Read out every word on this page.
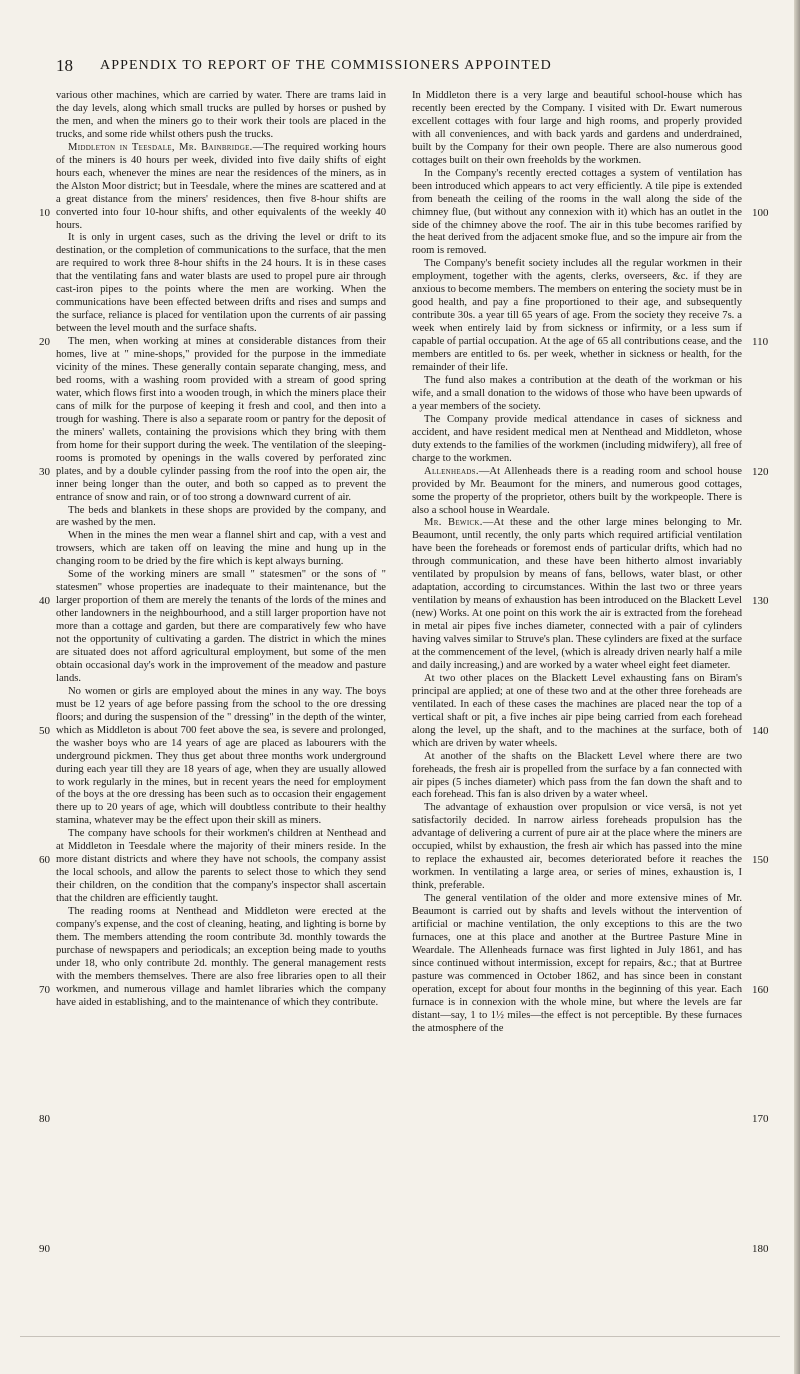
18 APPENDIX TO REPORT OF THE COMMISSIONERS APPOINTED

various other machines, which are carried by water. There are trams laid in the day levels, along which small trucks are pulled by horses or pushed by the men, and when the miners go to their work their tools are placed in the trucks, and some ride whilst others push the trucks.

Middleton in Teesdale, Mr. Bainbridge.—The required working hours of the miners is 40 hours per week, divided into five daily shifts of eight hours each, whenever the mines are near the residences of the miners, as in the Alston Moor district; but in Teesdale, where the mines are scattered and at a great distance from the miners' residences, then five 8-hour shifts are converted into four 10-hour shifts, and other equivalents of the weekly 40 hours.

It is only in urgent cases, such as the driving the level or drift to its destination, or the completion of communications to the surface, that the men are required to work three 8-hour shifts in the 24 hours. It is in these cases that the ventilating fans and water blasts are used to propel pure air through cast-iron pipes to the points where the men are working. When the communications have been effected between drifts and rises and sumps and the surface, reliance is placed for ventilation upon the currents of air passing between the level mouth and the surface shafts.

The men, when working at mines at considerable distances from their homes, live at " mine-shops," provided for the purpose in the immediate vicinity of the mines. These generally contain separate changing, mess, and bed rooms, with a washing room provided with a stream of good spring water, which flows first into a wooden trough, in which the miners place their cans of milk for the purpose of keeping it fresh and cool, and then into a trough for washing. There is also a separate room or pantry for the deposit of the miners' wallets, containing the provisions which they bring with them from home for their support during the week. The ventilation of the sleeping-rooms is promoted by openings in the walls covered by perforated zinc plates, and by a double cylinder passing from the roof into the open air, the inner being longer than the outer, and both so capped as to prevent the entrance of snow and rain, or of too strong a downward current of air.

The beds and blankets in these shops are provided by the company, and are washed by the men.

When in the mines the men wear a flannel shirt and cap, with a vest and trowsers, which are taken off on leaving the mine and hung up in the changing room to be dried by the fire which is kept always burning.

Some of the working miners are small " statesmen" or the sons of " statesmen" whose properties are inadequate to their maintenance, but the larger proportion of them are merely the tenants of the lords of the mines and other landowners in the neighbourhood, and a still larger proportion have not more than a cottage and garden, but there are comparatively few who have not the opportunity of cultivating a garden. The district in which the mines are situated does not afford agricultural employment, but some of the men obtain occasional day's work in the improvement of the meadow and pasture lands.

No women or girls are employed about the mines in any way. The boys must be 12 years of age before passing from the school to the ore dressing floors; and during the suspension of the " dressing" in the depth of the winter, which as Middleton is about 700 feet above the sea, is severe and prolonged, the washer boys who are 14 years of age are placed as labourers with the underground pickmen. They thus get about three months work underground during each year till they are 18 years of age, when they are usually allowed to work regularly in the mines, but in recent years the need for employment of the boys at the ore dressing has been such as to occasion their engagement there up to 20 years of age, which will doubtless contribute to their healthy stamina, whatever may be the effect upon their skill as miners.

The company have schools for their workmen's children at Nenthead and at Middleton in Teesdale where the majority of their miners reside. In the more distant districts and where they have not schools, the company assist the local schools, and allow the parents to select those to which they send their children, on the condition that the company's inspector shall ascertain that the children are efficiently taught.

The reading rooms at Nenthead and Middleton were erected at the company's expense, and the cost of cleaning, heating, and lighting is borne by them. The members attending the room contribute 3d. monthly towards the purchase of newspapers and periodicals; an exception being made to youths under 18, who only contribute 2d. monthly. The general management rests with the members themselves. There are also free libraries open to all their workmen, and numerous village and hamlet libraries which the company have aided in establishing, and to the maintenance of which they contribute.

In Middleton there is a very large and beautiful school-house which has recently been erected by the Company. I visited with Dr. Ewart numerous excellent cottages with four large and high rooms, and properly provided with all conveniences, and with back yards and gardens and underdrained, built by the Company for their own people. There are also numerous good cottages built on their own freeholds by the workmen.

In the Company's recently erected cottages a system of ventilation has been introduced which appears to act very efficiently. A tile pipe is extended from beneath the ceiling of the rooms in the wall along the side of the chimney flue, (but without any connexion with it) which has an outlet in the side of the chimney above the roof. The air in this tube becomes rarified by the heat derived from the adjacent smoke flue, and so the impure air from the room is removed.

The Company's benefit society includes all the regular workmen in their employment, together with the agents, clerks, overseers, &c. if they are anxious to become members. The members on entering the society must be in good health, and pay a fine proportioned to their age, and subsequently contribute 30s. a year till 65 years of age. From the society they receive 7s. a week when entirely laid by from sickness or infirmity, or a less sum if capable of partial occupation. At the age of 65 all contributions cease, and the members are entitled to 6s. per week, whether in sickness or health, for the remainder of their life.

The fund also makes a contribution at the death of the workman or his wife, and a small donation to the widows of those who have been upwards of a year members of the society.

The Company provide medical attendance in cases of sickness and accident, and have resident medical men at Nenthead and Middleton, whose duty extends to the families of the workmen (including midwifery), all free of charge to the workmen.

Allenheads.—At Allenheads there is a reading room and school house provided by Mr. Beaumont for the miners, and numerous good cottages, some the property of the proprietor, others built by the workpeople. There is also a school house in Weardale.

Mr. Bewick.—At these and the other large mines belonging to Mr. Beaumont, until recently, the only parts which required artificial ventilation have been the foreheads or foremost ends of particular drifts, which had no through communication, and these have been hitherto almost invariably ventilated by propulsion by means of fans, bellows, water blast, or other adaptation, according to circumstances. Within the last two or three years ventilation by means of exhaustion has been introduced on the Blackett Level (new) Works. At one point on this work the air is extracted from the forehead in metal air pipes five inches diameter, connected with a pair of cylinders having valves similar to Struve's plan. These cylinders are fixed at the surface at the commencement of the level, (which is already driven nearly half a mile and daily increasing,) and are worked by a water wheel eight feet diameter.

At two other places on the Blackett Level exhausting fans on Biram's principal are applied; at one of these two and at the other three foreheads are ventilated. In each of these cases the machines are placed near the top of a vertical shaft or pit, a five inches air pipe being carried from each forehead along the level, up the shaft, and to the machines at the surface, both of which are driven by water wheels.

At another of the shafts on the Blackett Level where there are two foreheads, the fresh air is propelled from the surface by a fan connected with air pipes (5 inches diameter) which pass from the fan down the shaft and to each forehead. This fan is also driven by a water wheel.

The advantage of exhaustion over propulsion or vice versâ, is not yet satisfactorily decided. In narrow airless foreheads propulsion has the advantage of delivering a current of pure air at the place where the miners are occupied, whilst by exhaustion, the fresh air which has passed into the mine to replace the exhausted air, becomes deteriorated before it reaches the workmen. In ventilating a large area, or series of mines, exhaustion is, I think, preferable.

The general ventilation of the older and more extensive mines of Mr. Beaumont is carried out by shafts and levels without the intervention of artificial or machine ventilation, the only exceptions to this are the two furnaces, one at this place and another at the Burtree Pasture Mine in Weardale. The Allenheads furnace was first lighted in July 1861, and has since continued without intermission, except for repairs, &c.; that at Burtree pasture was commenced in October 1862, and has since been in constant operation, except for about four months in the beginning of this year. Each furnace is in connexion with the whole mine, but where the levels are far distant—say, 1 to 1½ miles—the effect is not perceptible. By these furnaces the atmosphere of the

10
20
30
40
50
60
70
80
90
100
110
120
130
140
150
160
170
180
